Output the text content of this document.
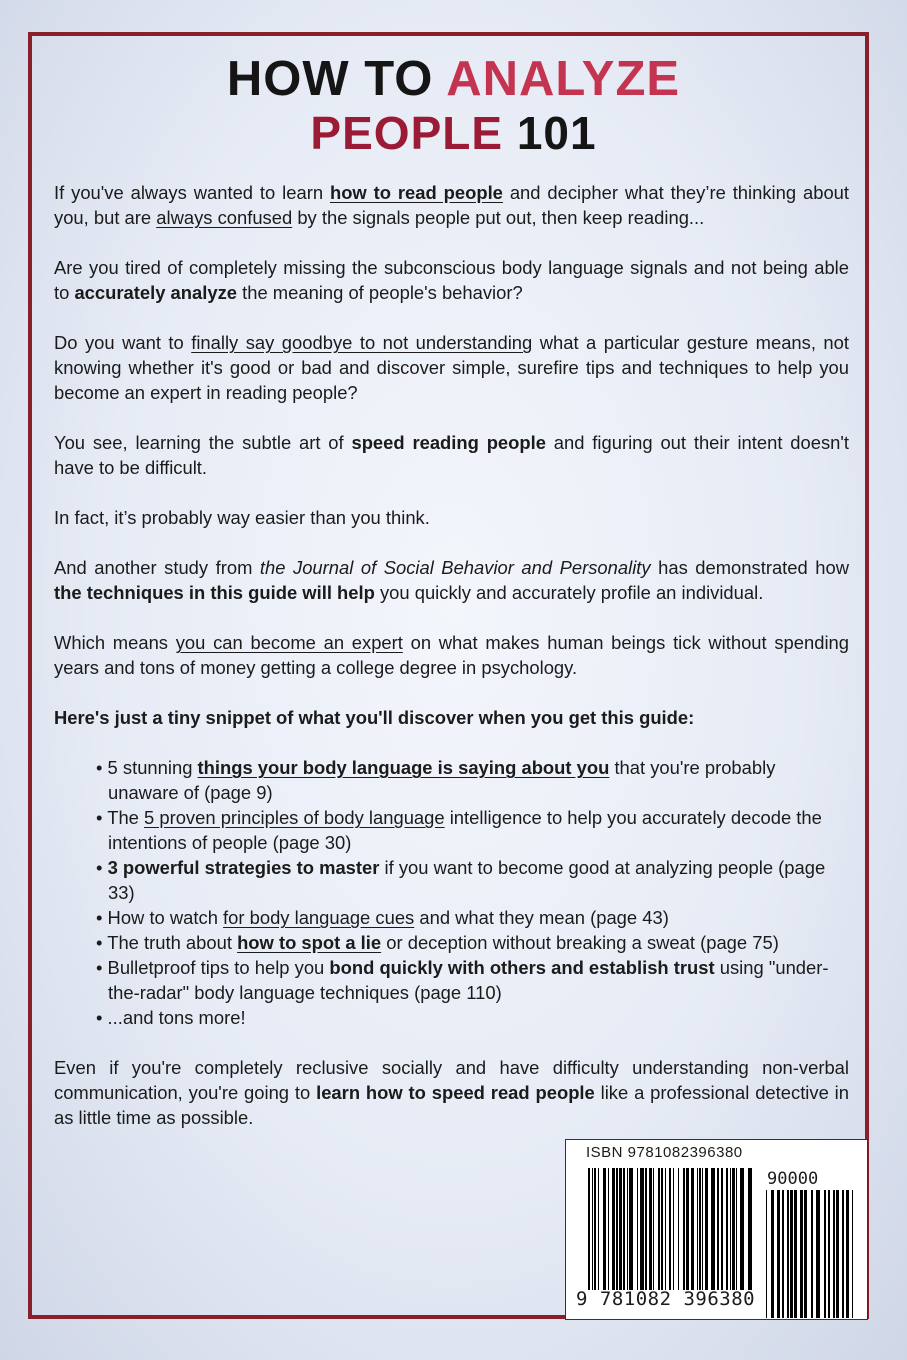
HOW TO ANALYZE
PEOPLE 101

If you've always wanted to learn how to read people and decipher what they’re thinking about you, but are always confused by the signals people put out, then keep reading...

Are you tired of completely missing the subconscious body language signals and not being able to accurately analyze the meaning of people's behavior?

Do you want to finally say goodbye to not understanding what a particular gesture means, not knowing whether it's good or bad and discover simple, surefire tips and techniques to help you become an expert in reading people?

You see, learning the subtle art of speed reading people and figuring out their intent doesn't have to be difficult.

In fact, it’s probably way easier than you think.

And another study from the Journal of Social Behavior and Personality has demonstrated how the techniques in this guide will help you quickly and accurately profile an individual.

Which means you can become an expert on what makes human beings tick without spending years and tons of money getting a college degree in psychology.

Here's just a tiny snippet of what you'll discover when you get this guide:

• 5 stunning things your body language is saying about you that you're probably unaware of (page 9)
• The 5 proven principles of body language intelligence to help you accurately decode the intentions of people (page 30)
• 3 powerful strategies to master if you want to become good at analyzing people (page 33)
• How to watch for body language cues and what they mean (page 43)
• The truth about how to spot a lie or deception without breaking a sweat (page 75)
• Bulletproof tips to help you bond quickly with others and establish trust using "under-the-radar" body language techniques (page 110)
• ...and tons more!

Even if you're completely reclusive socially and have difficulty understanding non-verbal communication, you're going to learn how to speed read people like a professional detective in as little time as possible.

ISBN 9781082396380
90000
9 781082 396380
